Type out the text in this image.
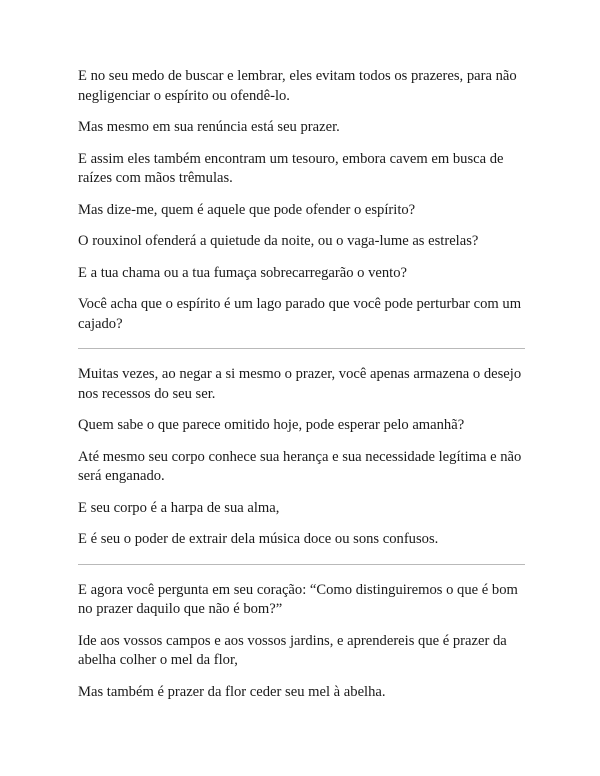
E no seu medo de buscar e lembrar, eles evitam todos os prazeres, para não negligenciar o espírito ou ofendê-lo.

Mas mesmo em sua renúncia está seu prazer.

E assim eles também encontram um tesouro, embora cavem em busca de raízes com mãos trêmulas.

Mas dize-me, quem é aquele que pode ofender o espírito?

O rouxinol ofenderá a quietude da noite, ou o vaga-lume as estrelas?

E a tua chama ou a tua fumaça sobrecarregarão o vento?

Você acha que o espírito é um lago parado que você pode perturbar com um cajado?

Muitas vezes, ao negar a si mesmo o prazer, você apenas armazena o desejo nos recessos do seu ser.

Quem sabe o que parece omitido hoje, pode esperar pelo amanhã?

Até mesmo seu corpo conhece sua herança e sua necessidade legítima e não será enganado.

E seu corpo é a harpa de sua alma,

E é seu o poder de extrair dela música doce ou sons confusos.

E agora você pergunta em seu coração: “Como distinguiremos o que é bom no prazer daquilo que não é bom?”

Ide aos vossos campos e aos vossos jardins, e aprendereis que é prazer da abelha colher o mel da flor,

Mas também é prazer da flor ceder seu mel à abelha.
